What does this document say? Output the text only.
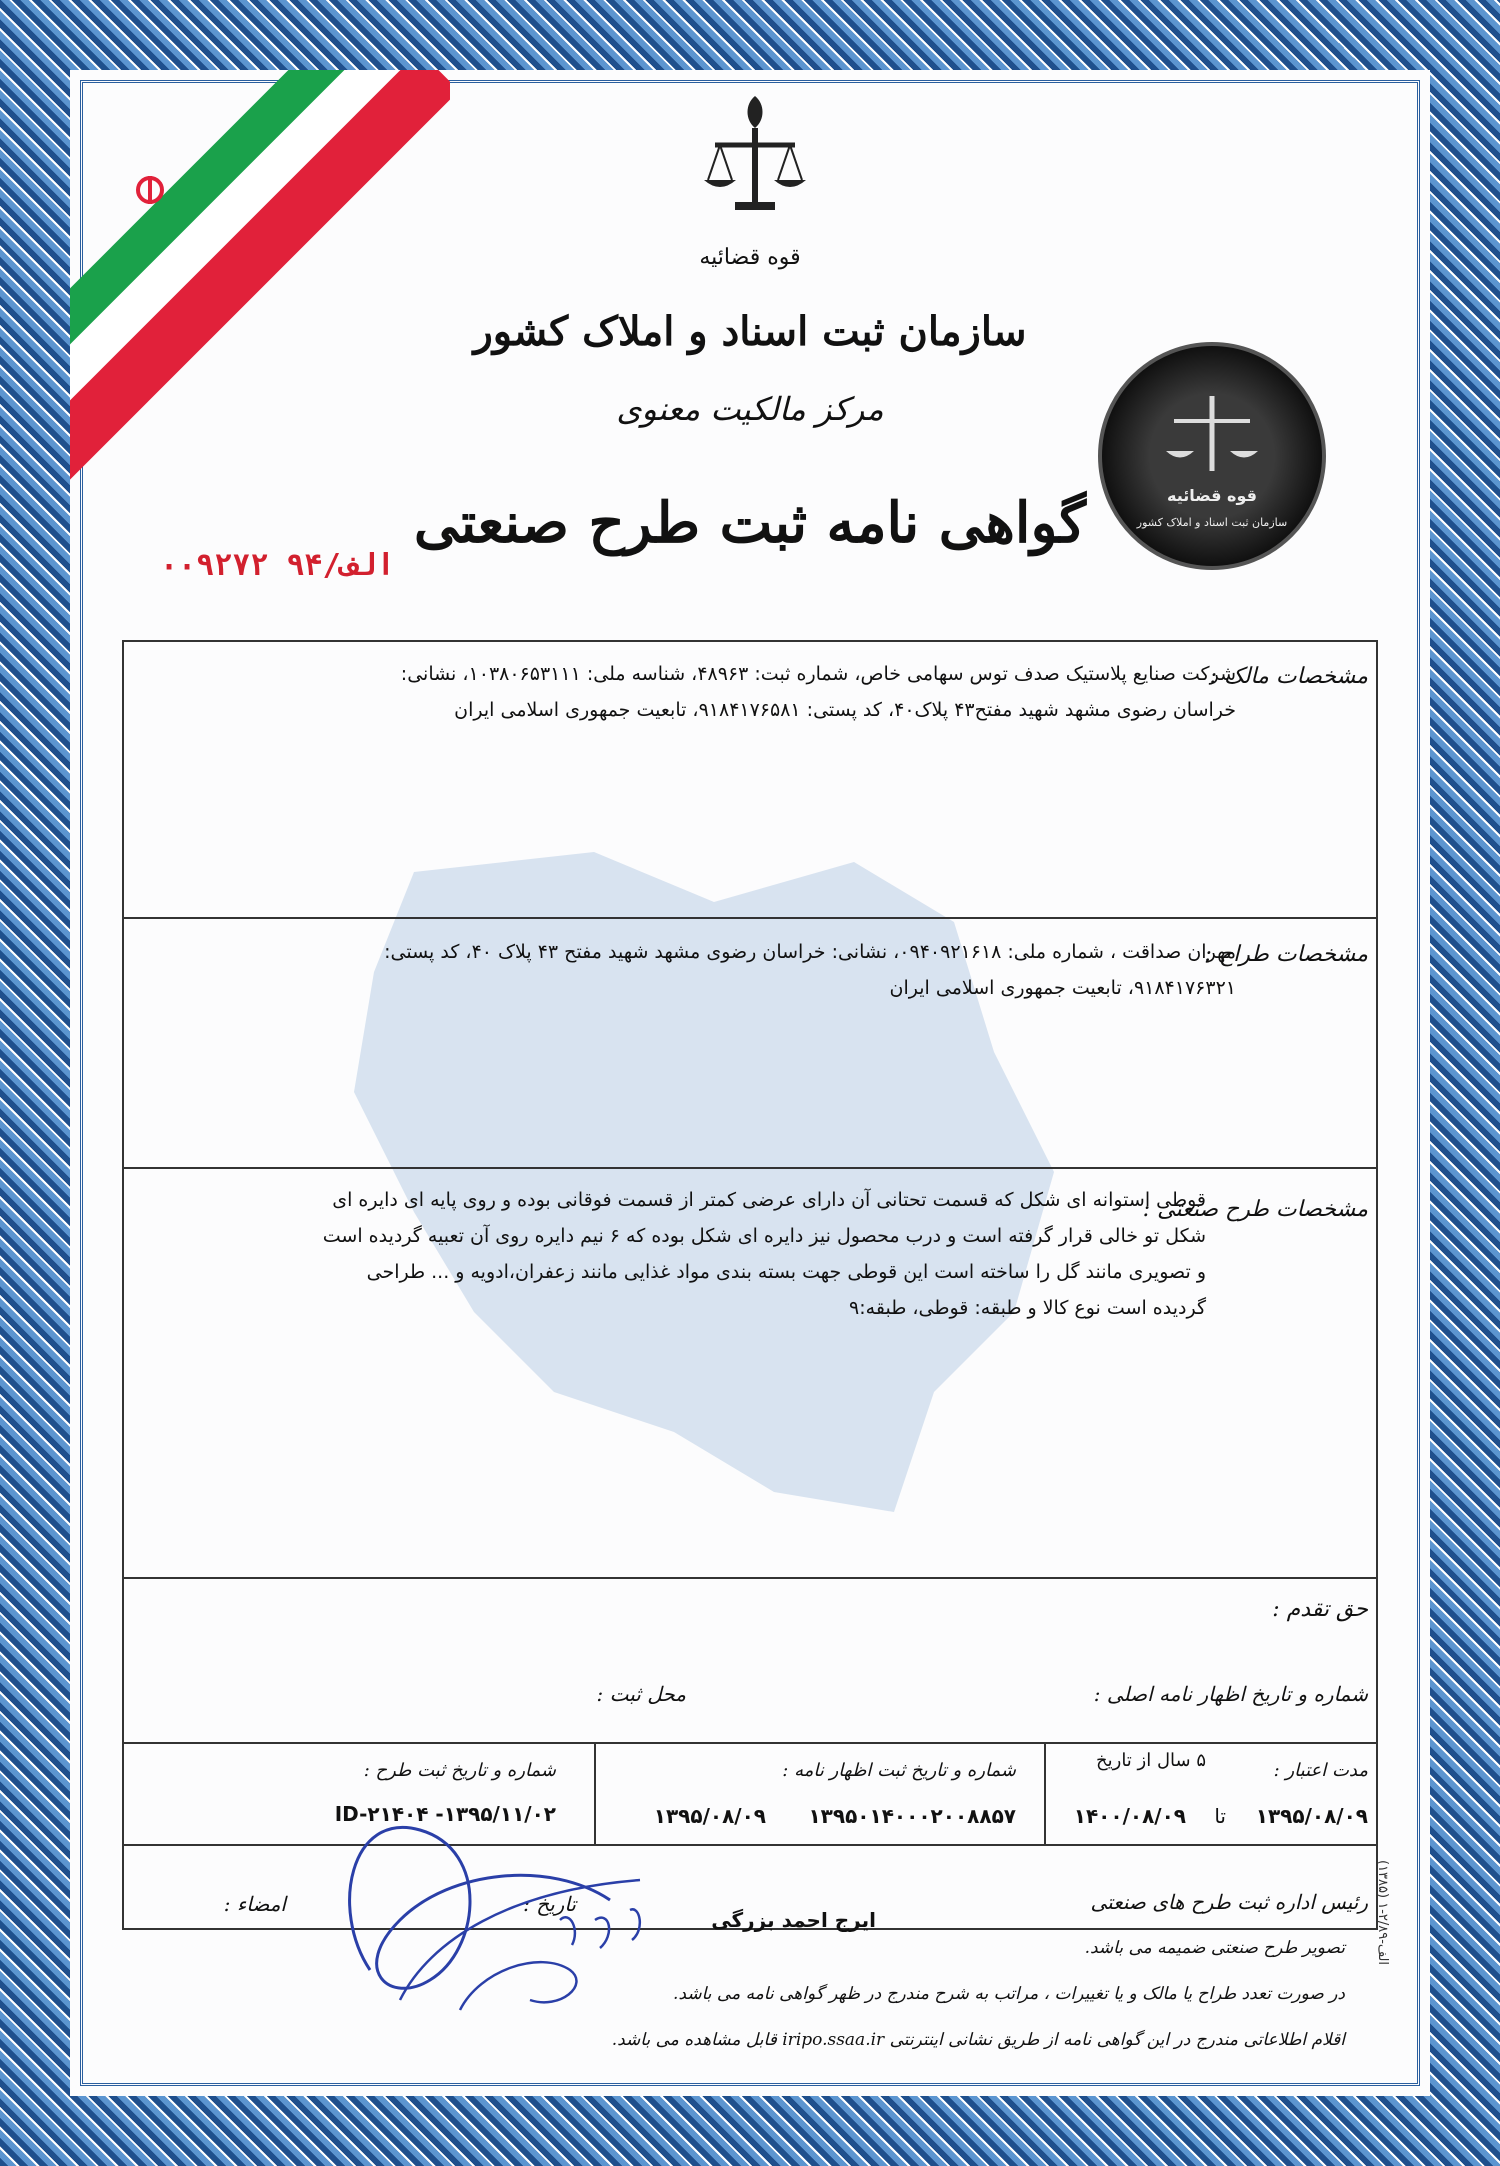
قوه قضائیه
سازمان ثبت اسناد و املاک کشور
مرکز مالکیت معنوی
گواهی نامه ثبت طرح صنعتی
الف/۹۴ ۰۰۹۲۷۲
قوه قضائیه
سازمان ثبت اسناد و املاک کشور
مشخصات مالک :
شرکت صنایع پلاستیک صدف توس سهامی خاص، شماره ثبت: ۴۸۹۶۳، شناسه ملی: ۱۰۳۸۰۶۵۳۱۱۱، نشانی:
خراسان رضوی مشهد شهید مفتح۴۳ پلاک۴۰، کد پستی: ۹۱۸۴۱۷۶۵۸۱، تابعیت جمهوری اسلامی ایران
مشخصات طراح :
مهران صداقت ، شماره ملی: ۰۹۴۰۹۲۱۶۱۸، نشانی: خراسان رضوی مشهد شهید مفتح ۴۳ پلاک ۴۰، کد پستی:
۹۱۸۴۱۷۶۳۲۱، تابعیت جمهوری اسلامی ایران
مشخصات طرح صنعتی :
قوطی استوانه ای شکل که قسمت تحتانی آن دارای عرضی کمتر از قسمت فوقانی بوده و روی پایه ای دایره ای
شکل تو خالی قرار گرفته است و درب محصول نیز دایره ای شکل بوده که ۶ نیم دایره روی آن تعبیه گردیده است
و تصویری مانند گل را ساخته است این قوطی جهت بسته بندی مواد غذایی مانند زعفران،ادویه و ... طراحی
گردیده است نوع کالا و طبقه: قوطی، طبقه:۹
حق تقدم :
شماره و تاریخ اظهار نامه اصلی :
محل ثبت :
مدت اعتبار :
۵ سال از تاریخ
۱۳۹۵/۰۸/۰۹
تا
۱۴۰۰/۰۸/۰۹
شماره و تاریخ ثبت اظهار نامه :
۱۳۹۵۰۱۴۰۰۰۲۰۰۸۸۵۷
۱۳۹۵/۰۸/۰۹
شماره و تاریخ ثبت طرح :
ID-۲۱۴۰۴ -۱۳۹۵/۱۱/۰۲
رئیس اداره ثبت طرح های صنعتی
ایرج احمد بزرگی
تاریخ :
امضاء :
تصویر طرح صنعتی ضمیمه می باشد.
در صورت تعدد طراح یا مالک و یا تغییرات ، مراتب به شرح مندرج در ظهر گواهی نامه می باشد.
اقلام اطلاعاتی مندرج در این گواهی نامه از طریق نشانی اینترنتی iripo.ssaa.ir قابل مشاهده می باشد.
(۱۳۸۵) ۱-۲/الف-۸۹
